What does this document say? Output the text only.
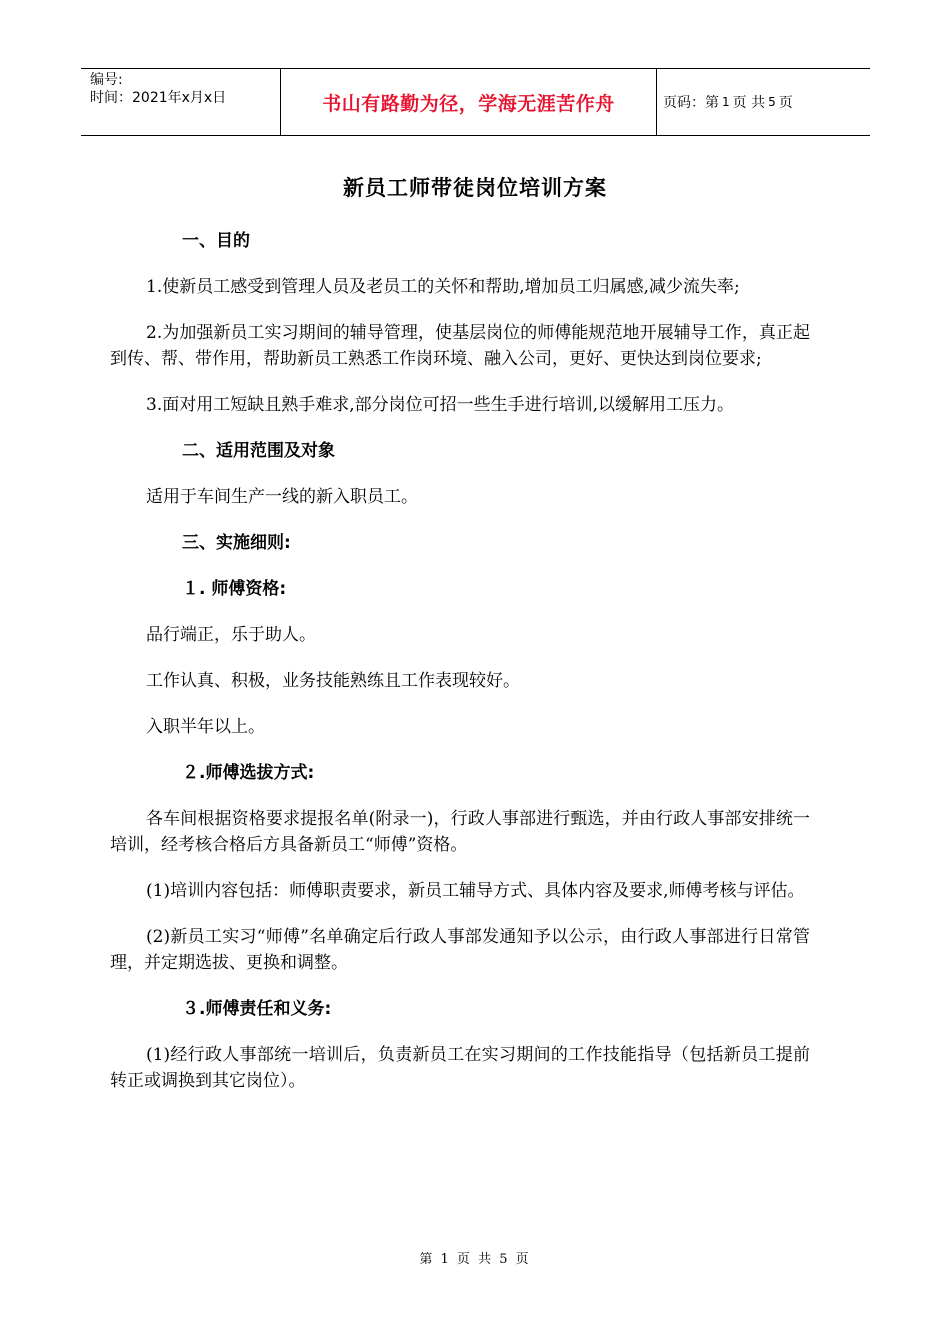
编号:
时间：2021年x月x日	书山有路勤为径，学海无涯苦作舟	页码：第 1 页 共 5 页
新员工师带徒岗位培训方案

一、目的

1.使新员工感受到管理人员及老员工的关怀和帮助,增加员工归属感,减少流失率;

2.为加强新员工实习期间的辅导管理，使基层岗位的师傅能规范地开展辅导工作，真正起到传、帮、带作用，帮助新员工熟悉工作岗环境、融入公司，更好、更快达到岗位要求;

3.面对用工短缺且熟手难求,部分岗位可招一些生手进行培训,以缓解用工压力。

二、适用范围及对象

适用于车间生产一线的新入职员工。

三、实施细则:

１. 师傅资格:

品行端正，乐于助人。

工作认真、积极，业务技能熟练且工作表现较好。

入职半年以上。

２.师傅选拔方式:

各车间根据资格要求提报名单(附录一)，行政人事部进行甄选，并由行政人事部安排统一培训，经考核合格后方具备新员工“师傅”资格。

(1)培训内容包括：师傅职责要求，新员工辅导方式、具体内容及要求,师傅考核与评估。

(2)新员工实习“师傅”名单确定后行政人事部发通知予以公示，由行政人事部进行日常管理，并定期选拔、更换和调整。

３.师傅责任和义务:

(1)经行政人事部统一培训后，负责新员工在实习期间的工作技能指导（包括新员工提前转正或调换到其它岗位）。

第 1 页 共 5 页
